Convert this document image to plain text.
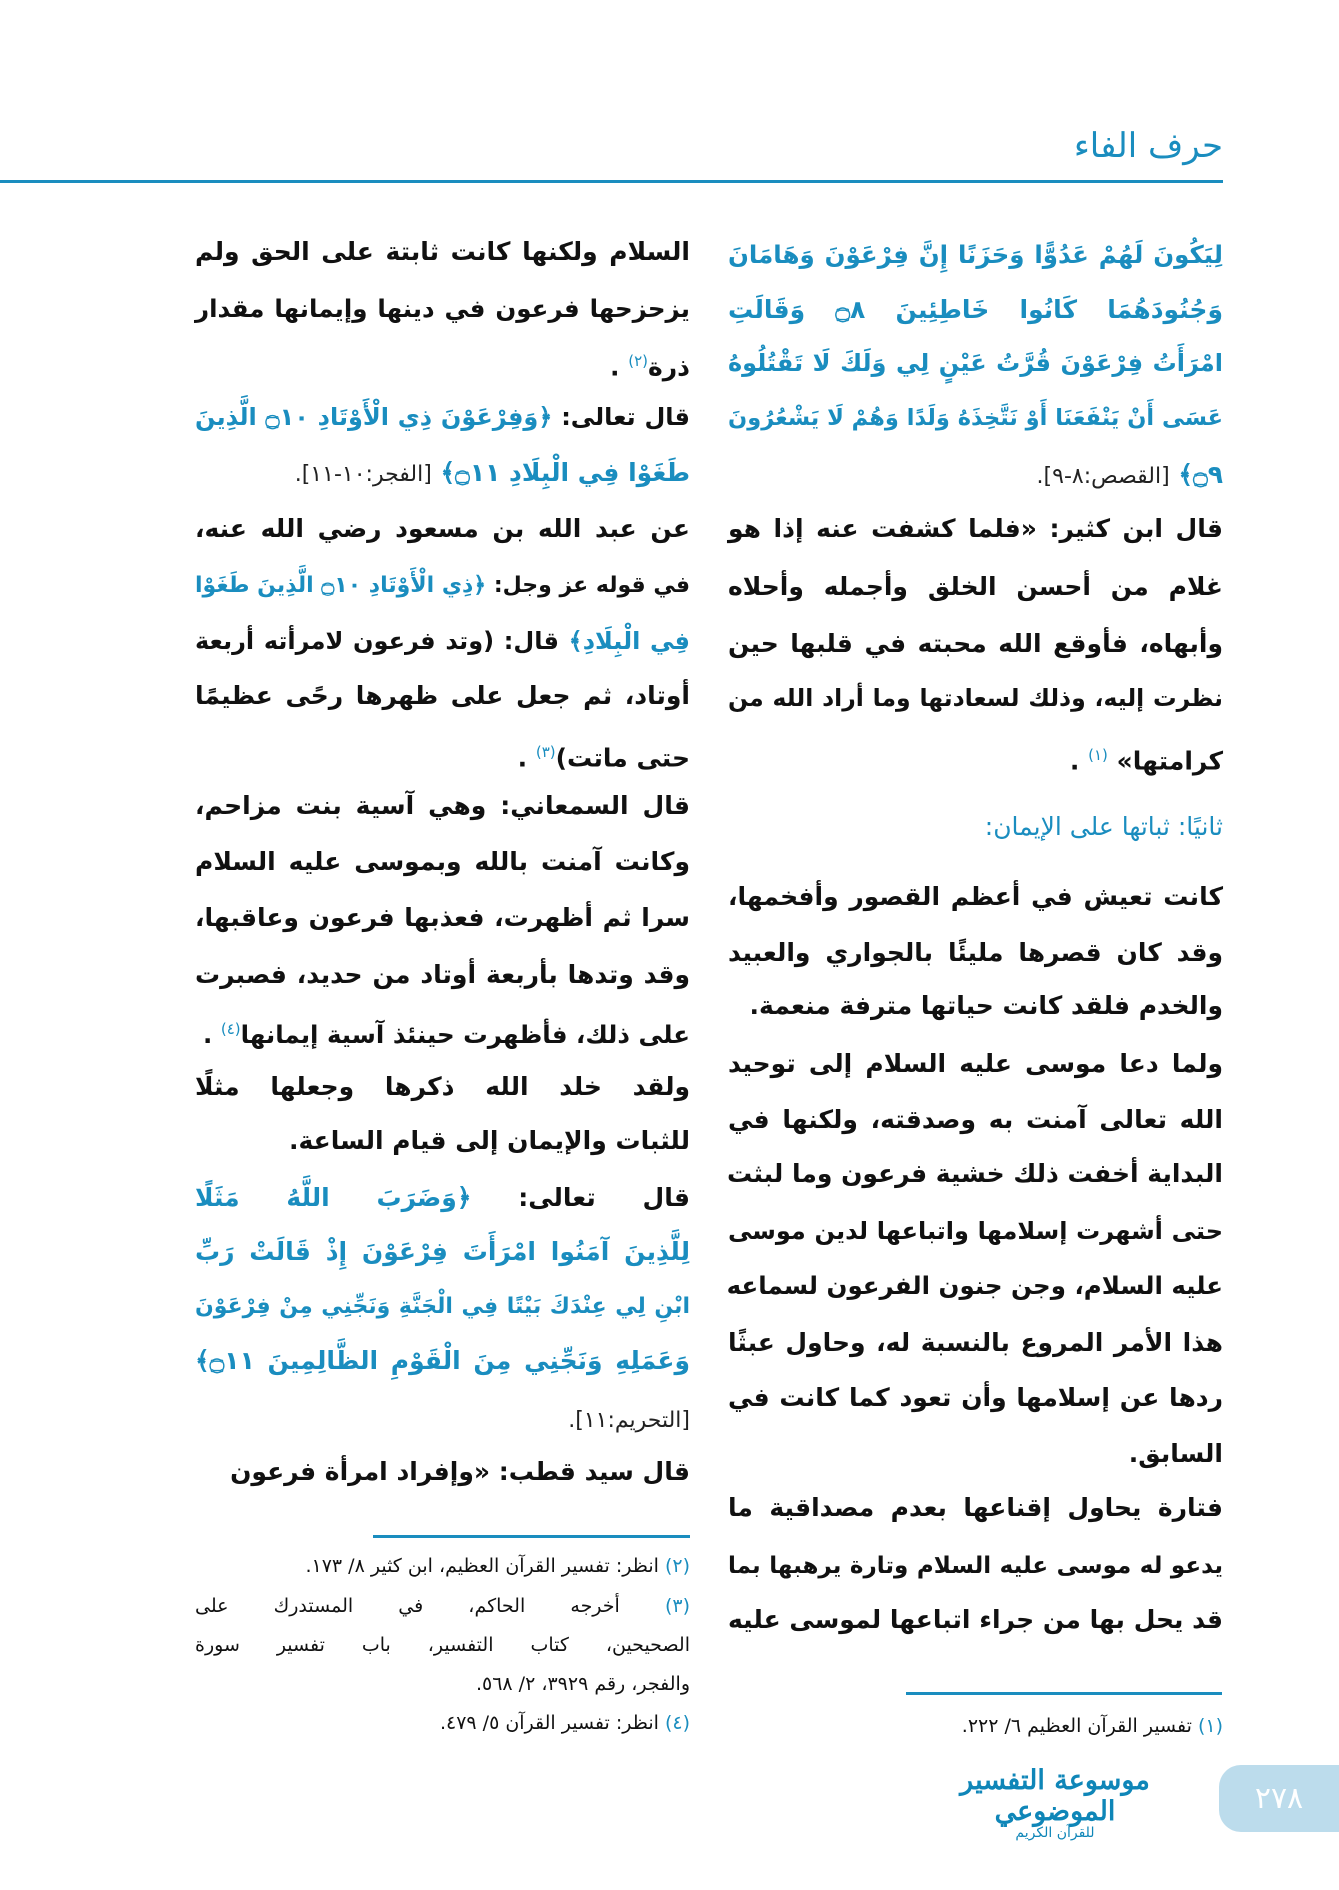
حرف الفاء
لِيَكُونَ لَهُمْ عَدُوًّا وَحَزَنًا إِنَّ فِرْعَوْنَ وَهَامَانَ
وَجُنُودَهُمَا كَانُوا خَاطِئِينَ ۝٨ وَقَالَتِ
امْرَأَتُ فِرْعَوْنَ قُرَّتُ عَيْنٍ لِي وَلَكَ لَا تَقْتُلُوهُ
عَسَى أَنْ يَنْفَعَنَا أَوْ نَتَّخِذَهُ وَلَدًا وَهُمْ لَا يَشْعُرُونَ
۝٩﴾ [القصص:٨-٩].
قال ابن كثير: «فلما كشفت عنه إذا هو
غلام من أحسن الخلق وأجمله وأحلاه
وأبهاه، فأوقع الله محبته في قلبها حين
نظرت إليه، وذلك لسعادتها وما أراد الله من
كرامتها» $^{(١)}$ .
ثانيًا: ثباتها على الإيمان:
كانت تعيش في أعظم القصور وأفخمها،
وقد كان قصرها مليئًا بالجواري والعبيد
والخدم فلقد كانت حياتها مترفة منعمة.
ولما دعا موسى عليه السلام إلى توحيد
الله تعالى آمنت به وصدقته، ولكنها في
البداية أخفت ذلك خشية فرعون وما لبثت
حتى أشهرت إسلامها واتباعها لدين موسى
عليه السلام، وجن جنون الفرعون لسماعه
هذا الأمر المروع بالنسبة له، وحاول عبثًا
ردها عن إسلامها وأن تعود كما كانت في
السابق.
فتارة يحاول إقناعها بعدم مصداقية ما
يدعو له موسى عليه السلام وتارة يرهبها بما
قد يحل بها من جراء اتباعها لموسى عليه
(١) تفسير القرآن العظيم ٦/ ٢٢٢.
السلام ولكنها كانت ثابتة على الحق ولم
يزحزحها فرعون في دينها وإيمانها مقدار
ذرة$^{(٢)}$ .
قال تعالى: ﴿وَفِرْعَوْنَ ذِي الْأَوْتَادِ ۝١٠ الَّذِينَ
طَغَوْا فِي الْبِلَادِ ۝١١﴾ [الفجر:١٠-١١].
عن عبد الله بن مسعود رضي الله عنه،
في قوله عز وجل: ﴿ذِي الْأَوْتَادِ ۝١٠ الَّذِينَ طَغَوْا
فِي الْبِلَادِ﴾ قال: (وتد فرعون لامرأته أربعة
أوتاد، ثم جعل على ظهرها رحًى عظيمًا
حتى ماتت)$^{(٣)}$ .
قال السمعاني: وهي آسية بنت مزاحم،
وكانت آمنت بالله وبموسى عليه السلام
سرا ثم أظهرت، فعذبها فرعون وعاقبها،
وقد وتدها بأربعة أوتاد من حديد، فصبرت
على ذلك، فأظهرت حينئذ آسية إيمانها$^{(٤)}$ .
ولقد خلد الله ذكرها وجعلها مثلًا
للثبات والإيمان إلى قيام الساعة.
قال تعالى: ﴿وَضَرَبَ اللَّهُ مَثَلًا
لِلَّذِينَ آمَنُوا امْرَأَتَ فِرْعَوْنَ إِذْ قَالَتْ رَبِّ
ابْنِ لِي عِنْدَكَ بَيْتًا فِي الْجَنَّةِ وَنَجِّنِي مِنْ فِرْعَوْنَ
وَعَمَلِهِ وَنَجِّنِي مِنَ الْقَوْمِ الظَّالِمِينَ ۝١١﴾
[التحريم:١١].
قال سيد قطب: «وإفراد امرأة فرعون
(٢) انظر: تفسير القرآن العظيم، ابن كثير ٨/ ١٧٣.
(٣) أخرجه الحاكم، في المستدرك على
الصحيحين، كتاب التفسير، باب تفسير سورة
والفجر، رقم ٣٩٢٩، ٢/ ٥٦٨.
(٤) انظر: تفسير القرآن ٥/ ٤٧٩.
موسوعة التفسير الموضوعي
للقرآن الكريم
٢٧٨
